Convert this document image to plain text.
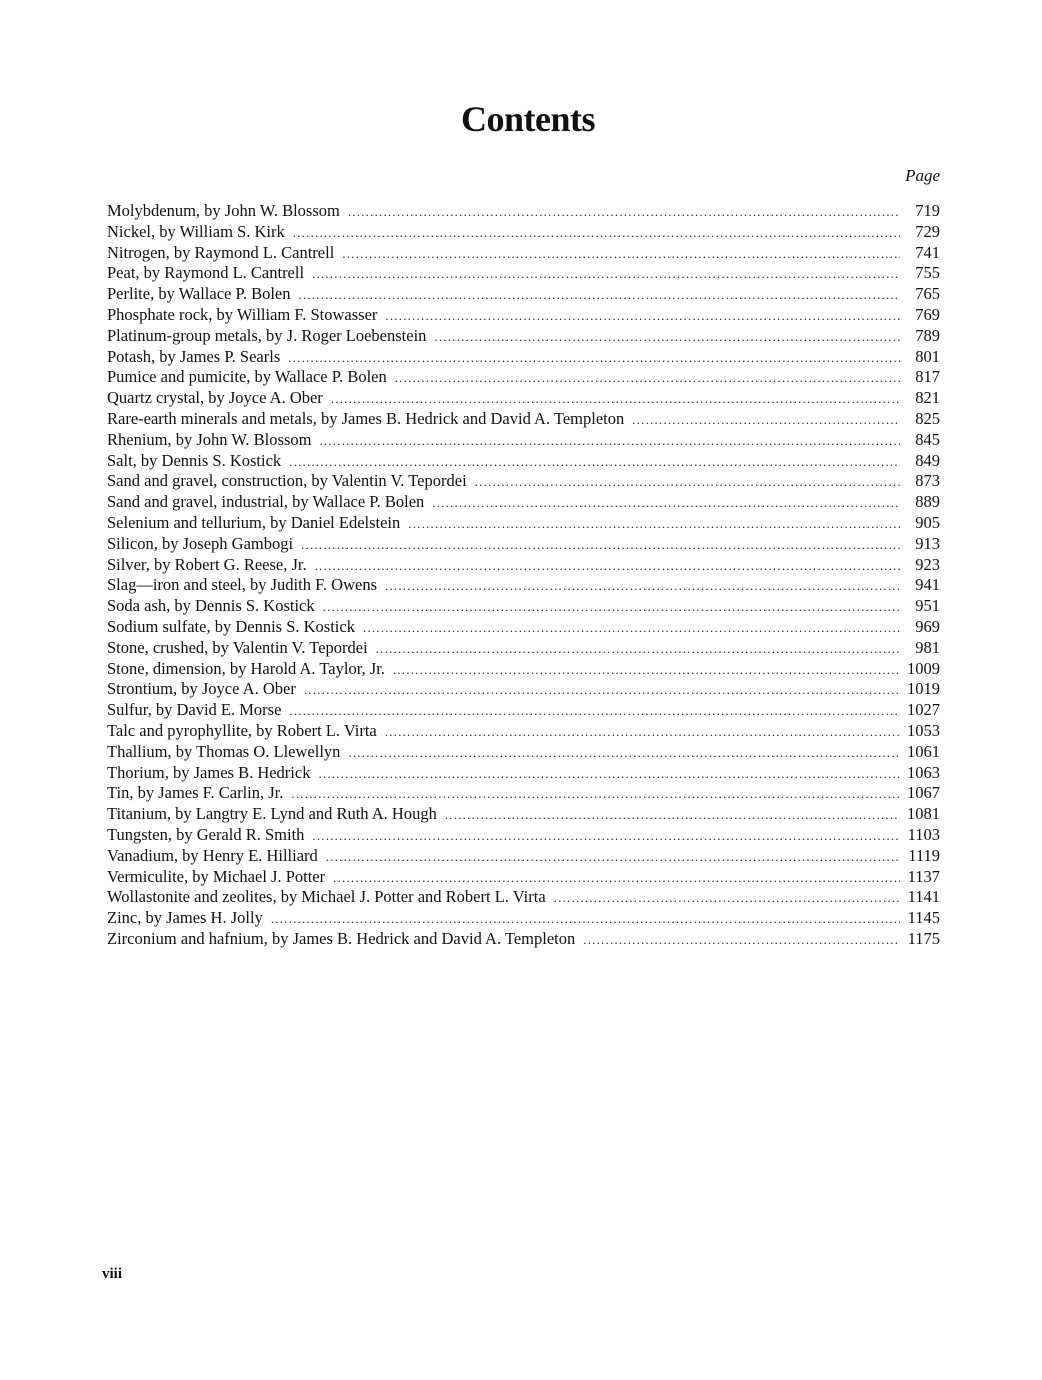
Contents
Page
Molybdenum, by John W. Blossom .....	719
Nickel, by William S. Kirk .....	729
Nitrogen, by Raymond L. Cantrell .....	741
Peat, by Raymond L. Cantrell .....	755
Perlite, by Wallace P. Bolen .....	765
Phosphate rock, by William F. Stowasser .....	769
Platinum-group metals, by J. Roger Loebenstein .....	789
Potash, by James P. Searls .....	801
Pumice and pumicite, by Wallace P. Bolen .....	817
Quartz crystal, by Joyce A. Ober .....	821
Rare-earth minerals and metals, by James B. Hedrick and David A. Templeton .....	825
Rhenium, by John W. Blossom .....	845
Salt, by Dennis S. Kostick .....	849
Sand and gravel, construction, by Valentin V. Tepordei .....	873
Sand and gravel, industrial, by Wallace P. Bolen .....	889
Selenium and tellurium, by Daniel Edelstein .....	905
Silicon, by Joseph Gambogi .....	913
Silver, by Robert G. Reese, Jr. .....	923
Slag—iron and steel, by Judith F. Owens .....	941
Soda ash, by Dennis S. Kostick .....	951
Sodium sulfate, by Dennis S. Kostick .....	969
Stone, crushed, by Valentin V. Tepordei .....	981
Stone, dimension, by Harold A. Taylor, Jr. .....	1009
Strontium, by Joyce A. Ober .....	1019
Sulfur, by David E. Morse .....	1027
Talc and pyrophyllite, by Robert L. Virta .....	1053
Thallium, by Thomas O. Llewellyn .....	1061
Thorium, by James B. Hedrick .....	1063
Tin, by James F. Carlin, Jr. .....	1067
Titanium, by Langtry E. Lynd and Ruth A. Hough .....	1081
Tungsten, by Gerald R. Smith .....	1103
Vanadium, by Henry E. Hilliard .....	1119
Vermiculite, by Michael J. Potter .....	1137
Wollastonite and zeolites, by Michael J. Potter and Robert L. Virta .....	1141
Zinc, by James H. Jolly .....	1145
Zirconium and hafnium, by James B. Hedrick and David A. Templeton .....	1175
viii
